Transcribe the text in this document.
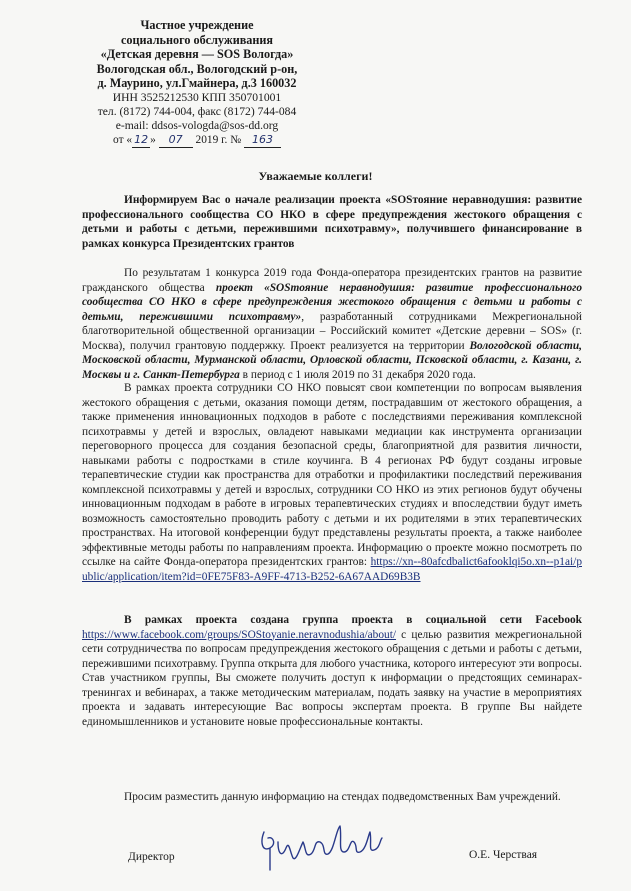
Частное учреждение
социального обслуживания
«Детская деревня — SOS Вологда»
Вологодская обл., Вологодский р-он,
д. Маурино, ул.Гмайнера, д.3 160032
ИНН 3525212530 КПП 350701001
тел. (8172) 744-004, факс (8172) 744-084
e-mail: ddsos-vologda@sos-dd.org
от « 12 » 07 2019 г. № 163
Уважаемые коллеги!
Информируем Вас о начале реализации проекта «SOSтояние неравнодушия: развитие профессионального сообщества СО НКО в сфере предупреждения жестокого обращения с детьми и работы с детьми, пережившими психотравму», получившего финансирование в рамках конкурса Президентских грантов
По результатам 1 конкурса 2019 года Фонда-оператора президентских грантов на развитие гражданского общества проект «SOSтояние неравнодушия: развитие профессионального сообщества СО НКО в сфере предупреждения жестокого обращения с детьми и работы с детьми, пережившими психотравму», разработанный сотрудниками Межрегиональной благотворительной общественной организации – Российский комитет «Детские деревни – SOS» (г. Москва), получил грантовую поддержку. Проект реализуется на территории Вологодской области, Московской области, Мурманской области, Орловской области, Псковской области, г. Казани, г. Москвы и г. Санкт-Петербурга в период с 1 июля 2019 по 31 декабря 2020 года.
В рамках проекта сотрудники СО НКО повысят свои компетенции по вопросам выявления жестокого обращения с детьми, оказания помощи детям, пострадавшим от жестокого обращения, а также применения инновационных подходов в работе с последствиями переживания комплексной психотравмы у детей и взрослых, овладеют навыками медиации как инструмента организации переговорного процесса для создания безопасной среды, благоприятной для развития личности, навыками работы с подростками в стиле коучинга. В 4 регионах РФ будут созданы игровые терапевтические студии как пространства для отработки и профилактики последствий переживания комплексной психотравмы у детей и взрослых, сотрудники СО НКО из этих регионов будут обучены инновационным подходам в работе в игровых терапевтических студиях и впоследствии будут иметь возможность самостоятельно проводить работу с детьми и их родителями в этих терапевтических пространствах. На итоговой конференции будут представлены результаты проекта, а также наиболее эффективные методы работы по направлениям проекта. Информацию о проекте можно посмотреть по ссылке на сайте Фонда-оператора президентских грантов: https://xn--80afcdbalict6afooklqi5o.xn--p1ai/public/application/item?id=0FE75F83-A9FF-4713-B252-6A67AAD69B3B
В рамках проекта создана группа проекта в социальной сети Facebook https://www.facebook.com/groups/SOStoyanie.neravnodushia/about/ с целью развития межрегиональной сети сотрудничества по вопросам предупреждения жестокого обращения с детьми и работы с детьми, пережившими психотравму. Группа открыта для любого участника, которого интересуют эти вопросы. Став участником группы, Вы сможете получить доступ к информации о предстоящих семинарах- тренингах и вебинарах, а также методическим материалам, подать заявку на участие в мероприятиях проекта и задавать интересующие Вас вопросы экспертам проекта. В группе Вы найдете единомышленников и установите новые профессиональные контакты.
Просим разместить данную информацию на стендах подведомственных Вам учреждений.
Директор	О.Е. Черствая
